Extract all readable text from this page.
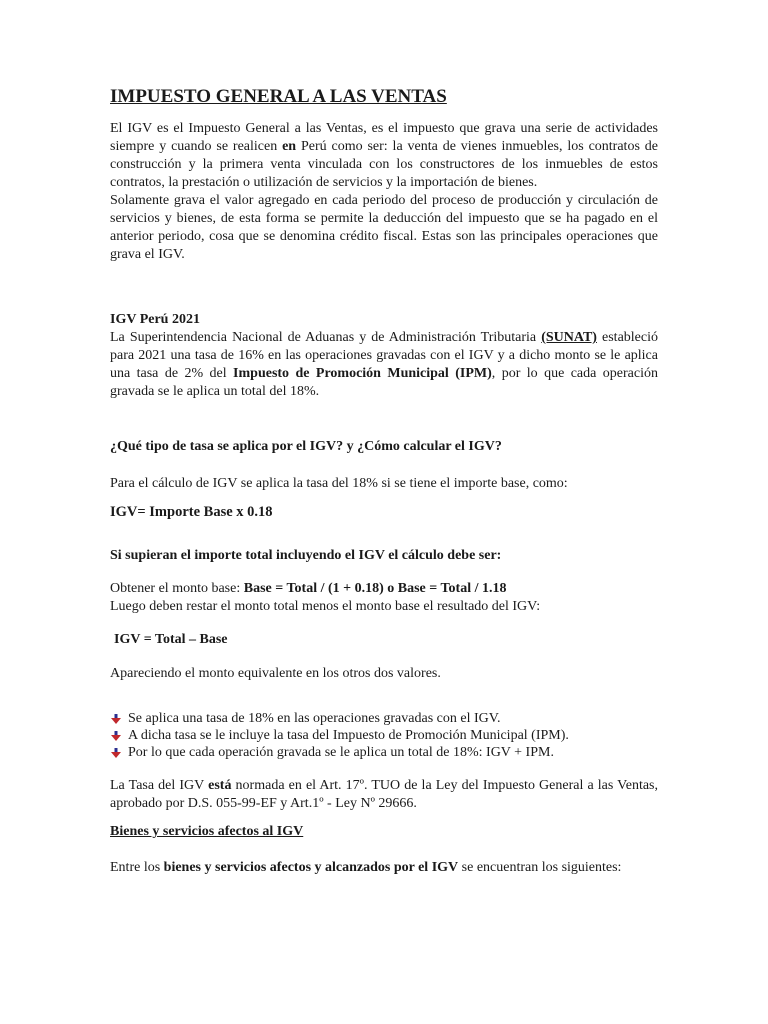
IMPUESTO GENERAL A LAS VENTAS

El IGV es el Impuesto General a las Ventas, es el impuesto que grava una serie de actividades siempre y cuando se realicen en Perú como ser: la venta de vienes inmuebles, los contratos de construcción y la primera venta vinculada con los constructores de los inmuebles de estos contratos, la prestación o utilización de servicios y la importación de bienes.

Solamente grava el valor agregado en cada periodo del proceso de producción y circulación de servicios y bienes, de esta forma se permite la deducción del impuesto que se ha pagado en el anterior periodo, cosa que se denomina crédito fiscal. Estas son las principales operaciones que grava el IGV.

IGV Perú 2021

La Superintendencia Nacional de Aduanas y de Administración Tributaria (SUNAT) estableció para 2021 una tasa de 16% en las operaciones gravadas con el IGV y a dicho monto se le aplica una tasa de 2% del Impuesto de Promoción Municipal (IPM), por lo que cada operación gravada se le aplica un total del 18%.

¿Qué tipo de tasa se aplica por el IGV? y ¿Cómo calcular el IGV?

Para el cálculo de IGV se aplica la tasa del 18% si se tiene el importe base, como:

IGV= Importe Base x 0.18

Si supieran el importe total incluyendo el IGV el cálculo debe ser:

Obtener el monto base: Base = Total / (1 + 0.18) o Base = Total / 1.18

Luego deben restar el monto total menos el monto base el resultado del IGV:

IGV = Total – Base

Apareciendo el monto equivalente en los otros dos valores.

Se aplica una tasa de 18% en las operaciones gravadas con el IGV.
A dicha tasa se le incluye la tasa del Impuesto de Promoción Municipal (IPM).
Por lo que cada operación gravada se le aplica un total de 18%: IGV + IPM.

La Tasa del IGV está normada en el Art. 17º. TUO de la Ley del Impuesto General a las Ventas, aprobado por D.S. 055-99-EF y Art.1º - Ley Nº 29666.

Bienes y servicios afectos al IGV

Entre los bienes y servicios afectos y alcanzados por el IGV se encuentran los siguientes:
